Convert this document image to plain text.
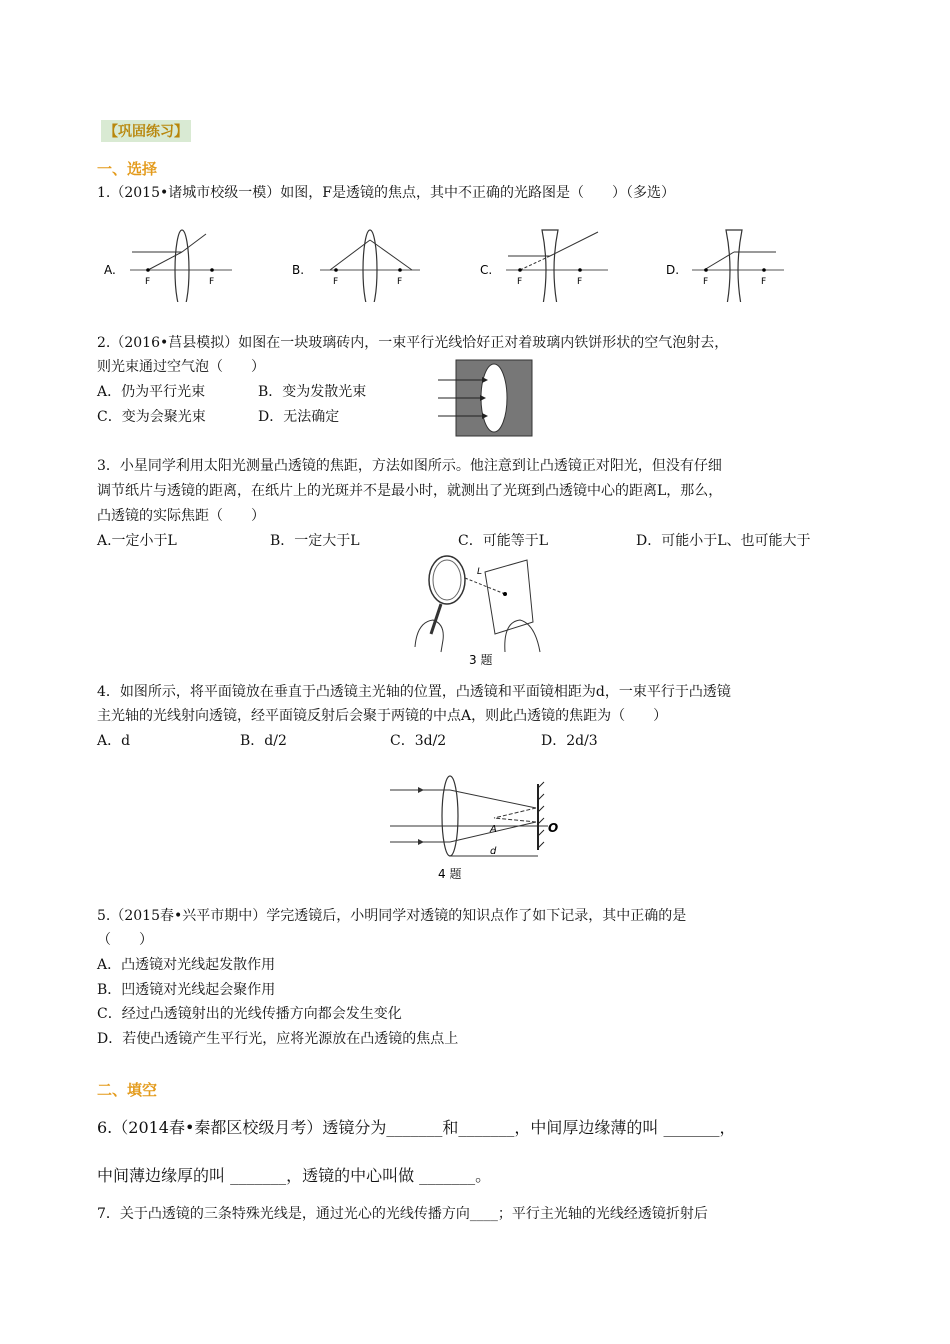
【巩固练习】
一、选择
1.（2015•诸城市校级一模）如图，F是透镜的焦点，其中不正确的光路图是（　　）（多选）
A.
F	F
B.
F	F
C.
F	F
D.
F	F
2.（2016•莒县模拟）如图在一块玻璃砖内，一束平行光线恰好正对着玻璃内铁饼形状的空气泡射去，
则光束通过空气泡（　　）
A．仍为平行光束	B．变为发散光束
C．变为会聚光束	D．无法确定
3．小星同学利用太阳光测量凸透镜的焦距，方法如图所示。他注意到让凸透镜正对阳光，但没有仔细
调节纸片与透镜的距离，在纸片上的光斑并不是最小时，就测出了光斑到凸透镜中心的距离L，那么，
凸透镜的实际焦距（　　）
A.一定小于L	B．一定大于L	C．可能等于L	D．可能小于L、也可能大于
L
3 题
4．如图所示，将平面镜放在垂直于凸透镜主光轴的位置，凸透镜和平面镜相距为d，一束平行于凸透镜
主光轴的光线射向透镜，经平面镜反射后会聚于两镜的中点A，则此凸透镜的焦距为（　　）
A．d	B．d/2	C．3d/2	D．2d/3
A	O
d
4 题
5.（2015春•兴平市期中）学完透镜后，小明同学对透镜的知识点作了如下记录，其中正确的是
（　　）
A．凸透镜对光线起发散作用
B．凹透镜对光线起会聚作用
C．经过凸透镜射出的光线传播方向都会发生变化
D．若使凸透镜产生平行光，应将光源放在凸透镜的焦点上
二、填空
6.（2014春•秦都区校级月考）透镜分为_______和_______，中间厚边缘薄的叫 _______，
中间薄边缘厚的叫 _______，透镜的中心叫做 _______。
7．关于凸透镜的三条特殊光线是，通过光心的光线传播方向____；平行主光轴的光线经透镜折射后
